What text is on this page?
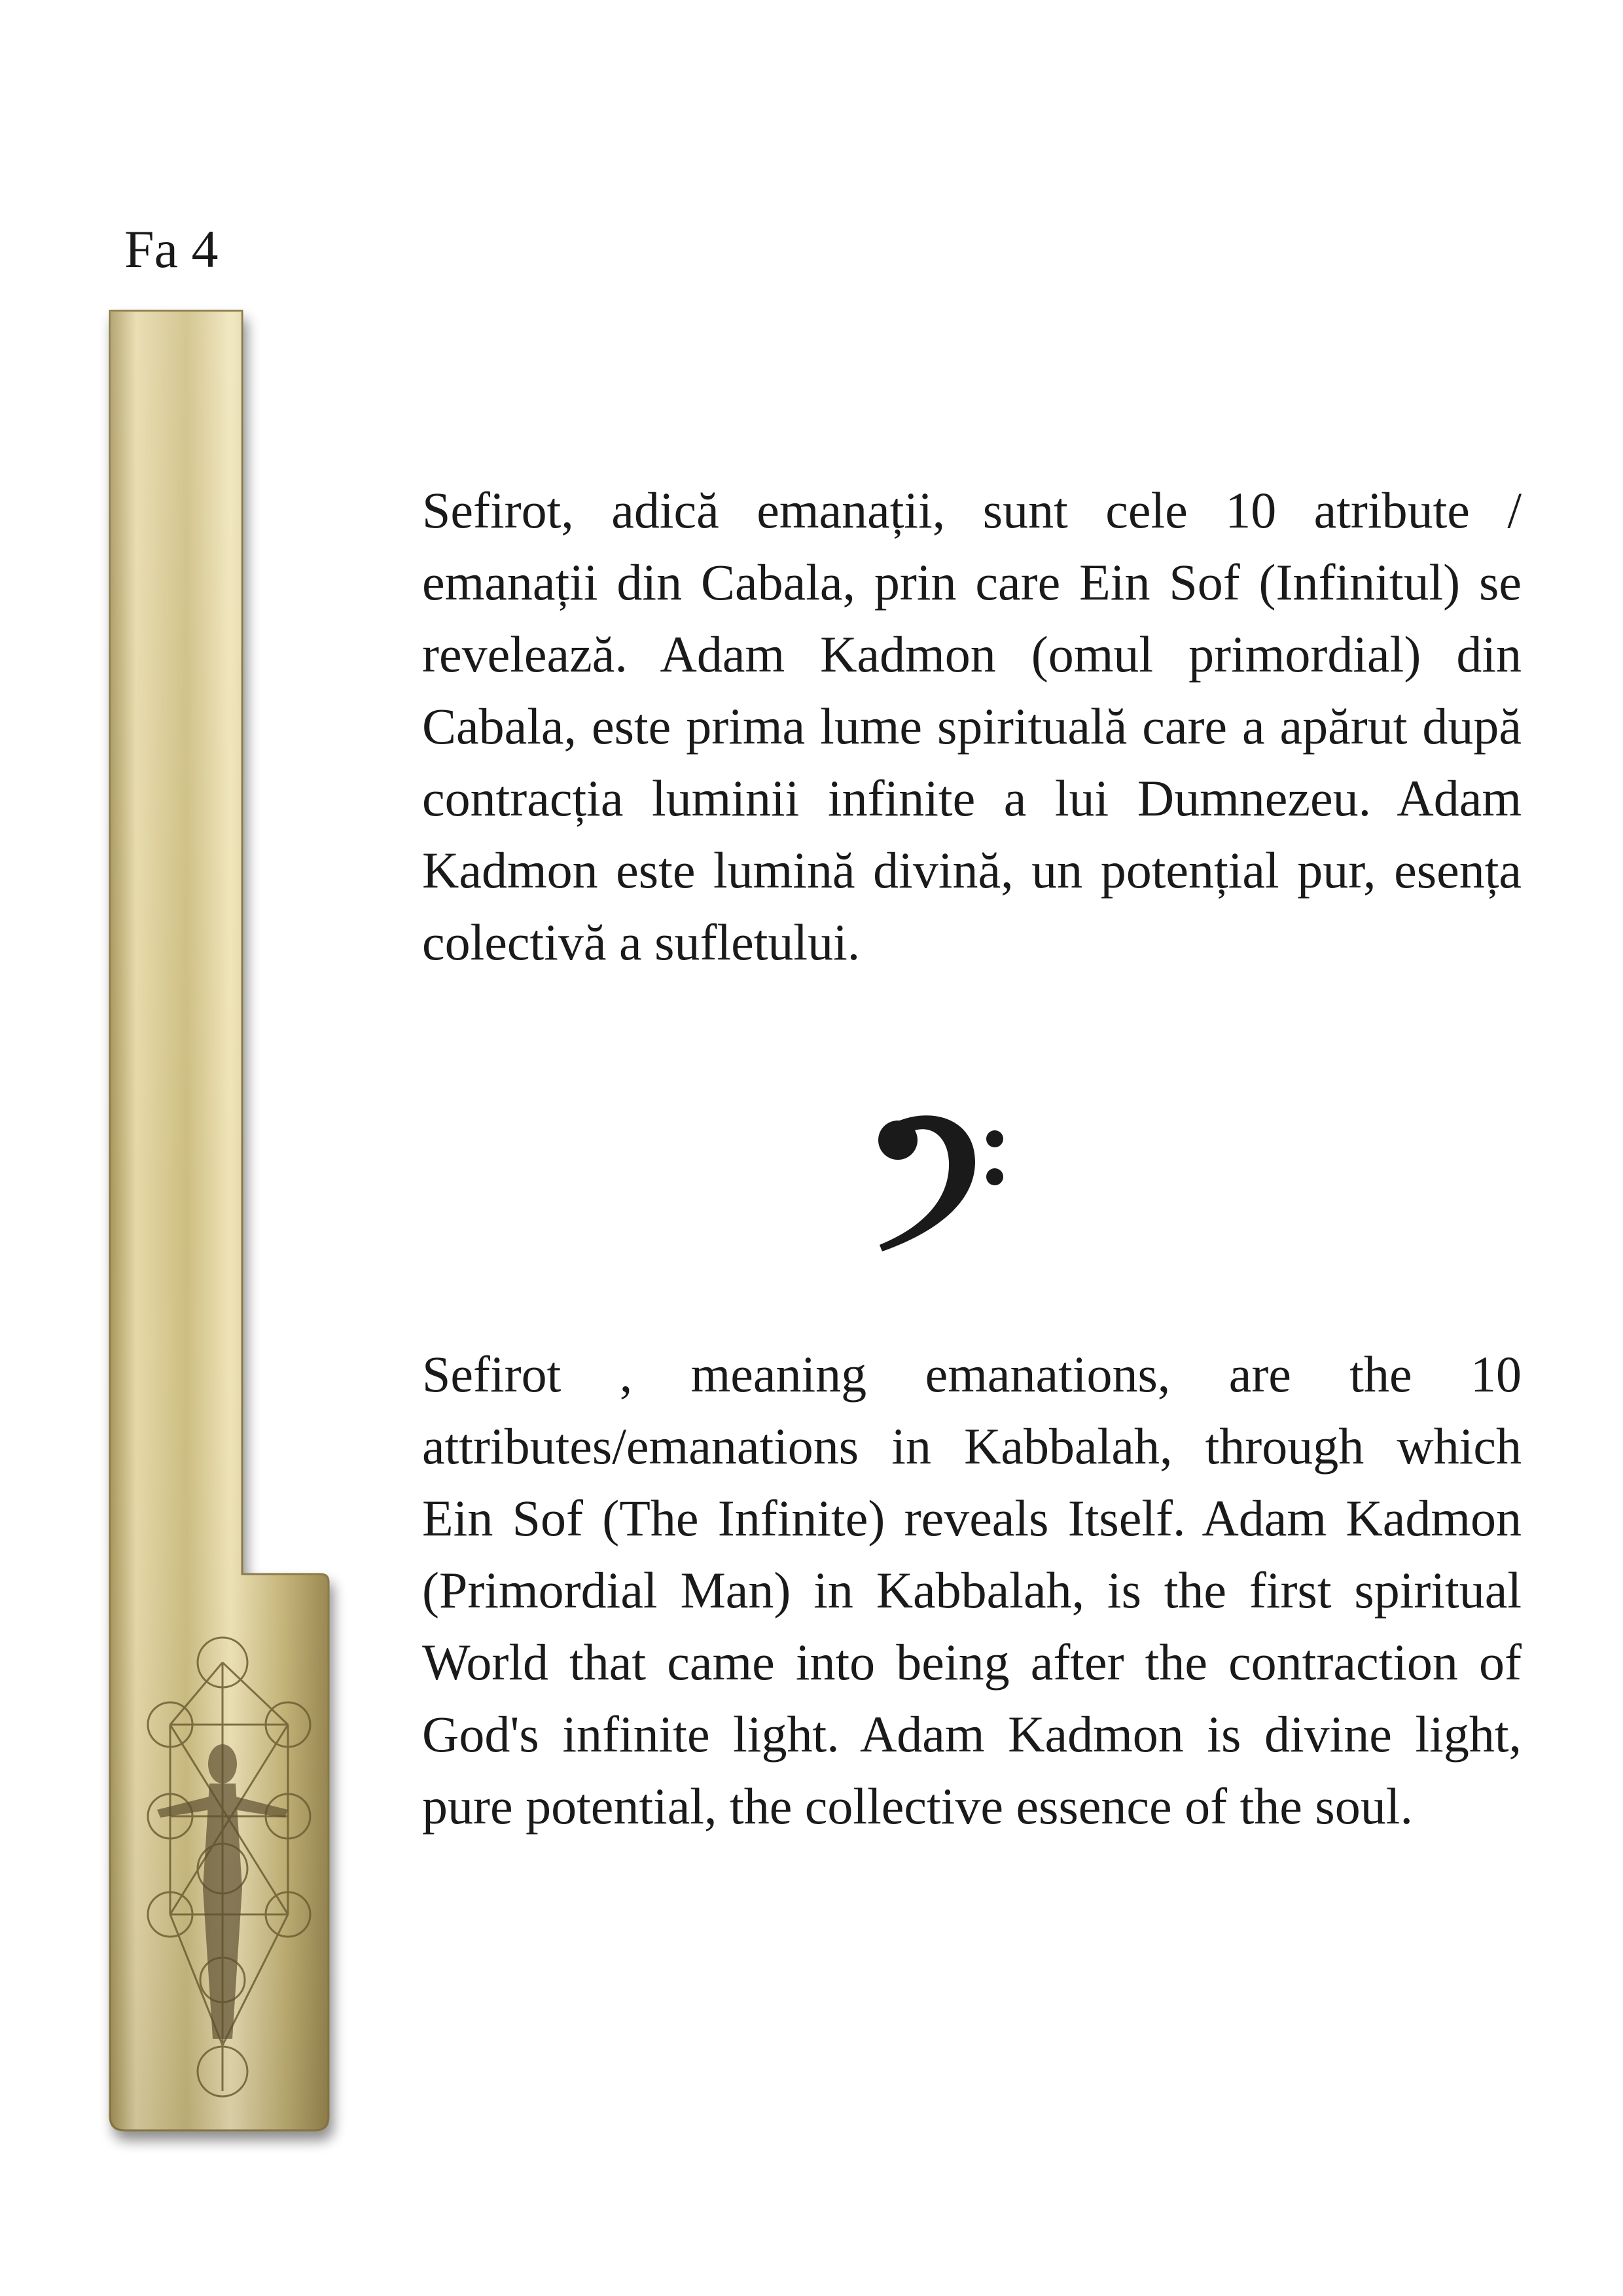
Fa 4
Sefirot, adică emanații, sunt cele 10 atribute / emanații din Cabala, prin care Ein Sof (Infinitul) se revelează. Adam Kadmon (omul primordial) din Cabala, este prima lume spirituală care a apărut după contracția luminii infinite a lui Dumnezeu. Adam Kadmon este lumină divină, un potențial pur, esența colectivă a sufletului.
Sefirot , meaning emanations, are the 10 attributes/emanations in Kabbalah, through which Ein Sof (The Infinite) reveals Itself. Adam Kadmon (Primordial Man) in Kabbalah, is the first spiritual World that came into being after the contraction of God's infinite light. Adam Kadmon is divine light, pure potential, the collective essence of the soul.
